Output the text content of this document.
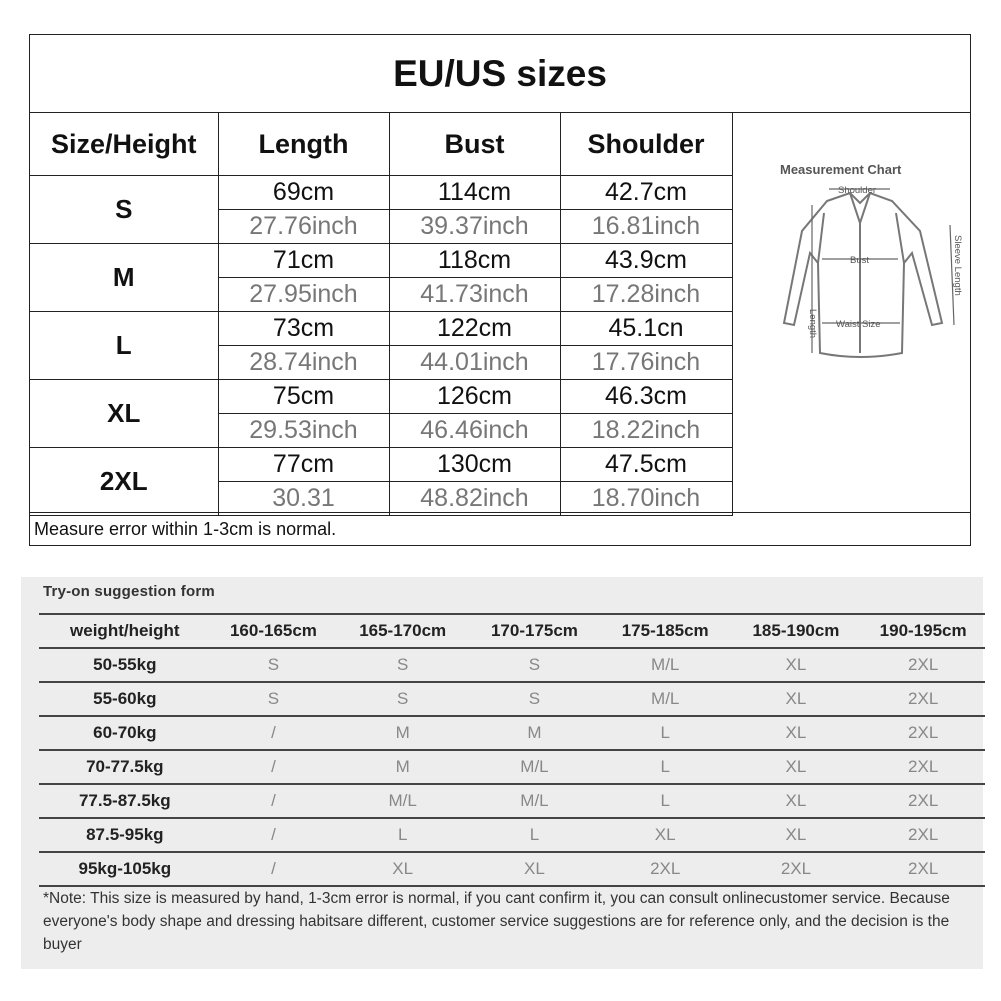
EU/US sizes
Size/Height	Length	Bust	Shoulder
S	69cm	114cm	42.7cm
	27.76inch	39.37inch	16.81inch
M	71cm	118cm	43.9cm
	27.95inch	41.73inch	17.28inch
L	73cm	122cm	45.1cn
	28.74inch	44.01inch	17.76inch
XL	75cm	126cm	46.3cm
	29.53inch	46.46inch	18.22inch
2XL	77cm	130cm	47.5cm
	30.31	48.82inch	18.70inch
Measurement Chart
Shoulder
Bust
Waist Size
Length
Sleeve Length
Measure error within 1-3cm is normal.
Try-on suggestion form
weight/height	160-165cm	165-170cm	170-175cm	175-185cm	185-190cm	190-195cm
50-55kg	S	S	S	M/L	XL	2XL
55-60kg	S	S	S	M/L	XL	2XL
60-70kg	/	M	M	L	XL	2XL
70-77.5kg	/	M	M/L	L	XL	2XL
77.5-87.5kg	/	M/L	M/L	L	XL	2XL
87.5-95kg	/	L	L	XL	XL	2XL
95kg-105kg	/	XL	XL	2XL	2XL	2XL
*Note: This size is measured by hand, 1-3cm error is normal, if you cant confirm it, you can consult onlinecustomer service. Because everyone's body shape and dressing habitsare different, customer service suggestions are for reference only, and the decision is the buyer
